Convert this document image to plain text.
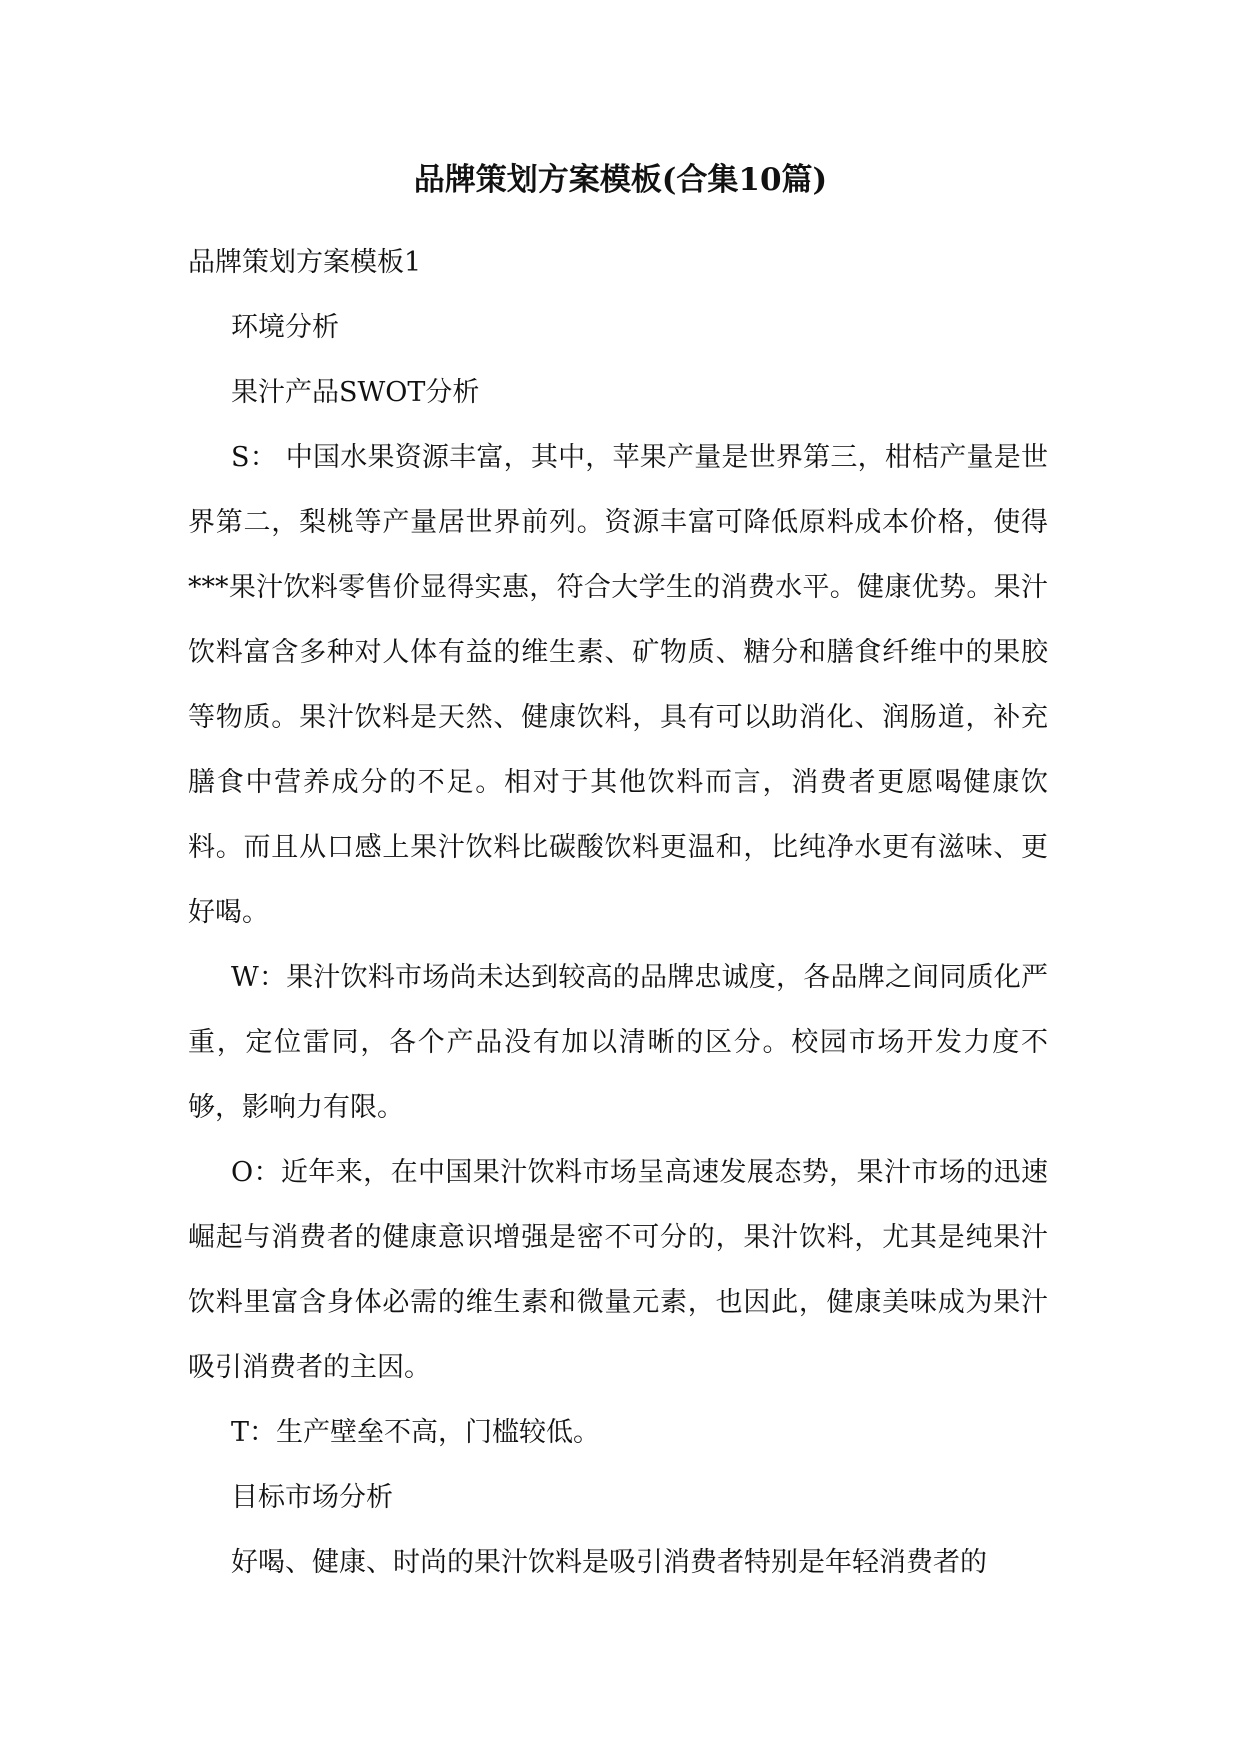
品牌策划方案模板(合集10篇)

品牌策划方案模板1

环境分析

果汁产品SWOT分析

S： 中国水果资源丰富，其中，苹果产量是世界第三，柑桔产量是世界第二，梨桃等产量居世界前列。资源丰富可降低原料成本价格，使得***果汁饮料零售价显得实惠，符合大学生的消费水平。健康优势。果汁饮料富含多种对人体有益的维生素、矿物质、糖分和膳食纤维中的果胶等物质。果汁饮料是天然、健康饮料，具有可以助消化、润肠道，补充膳食中营养成分的不足。相对于其他饮料而言，消费者更愿喝健康饮料。而且从口感上果汁饮料比碳酸饮料更温和，比纯净水更有滋味、更好喝。

W：果汁饮料市场尚未达到较高的品牌忠诚度，各品牌之间同质化严重，定位雷同，各个产品没有加以清晰的区分。校园市场开发力度不够，影响力有限。

O：近年来，在中国果汁饮料市场呈高速发展态势，果汁市场的迅速崛起与消费者的健康意识增强是密不可分的，果汁饮料，尤其是纯果汁饮料里富含身体必需的维生素和微量元素，也因此，健康美味成为果汁吸引消费者的主因。

T：生产壁垒不高，门槛较低。

目标市场分析

好喝、健康、时尚的果汁饮料是吸引消费者特别是年轻消费者的
